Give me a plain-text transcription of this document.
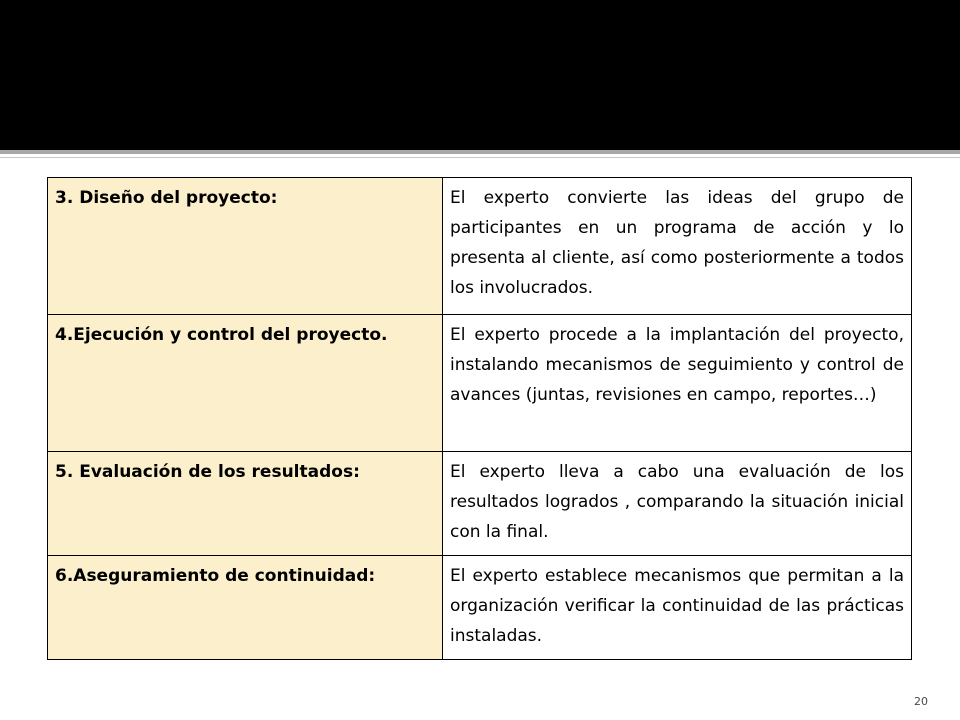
3. Diseño del proyecto:	El experto convierte las ideas del grupo de participantes en un programa de acción y lo presenta al cliente, así como posteriormente a todos los involucrados.
4.Ejecución y control del proyecto.	El experto procede a la implantación del proyecto, instalando mecanismos de seguimiento y control de avances (juntas, revisiones en campo, reportes…)
5. Evaluación de los resultados:	El experto lleva a cabo una evaluación de los resultados logrados , comparando la situación inicial con la final.
6.Aseguramiento de continuidad:	El experto establece mecanismos que permitan a la organización verificar la continuidad de las prácticas instaladas.
20
